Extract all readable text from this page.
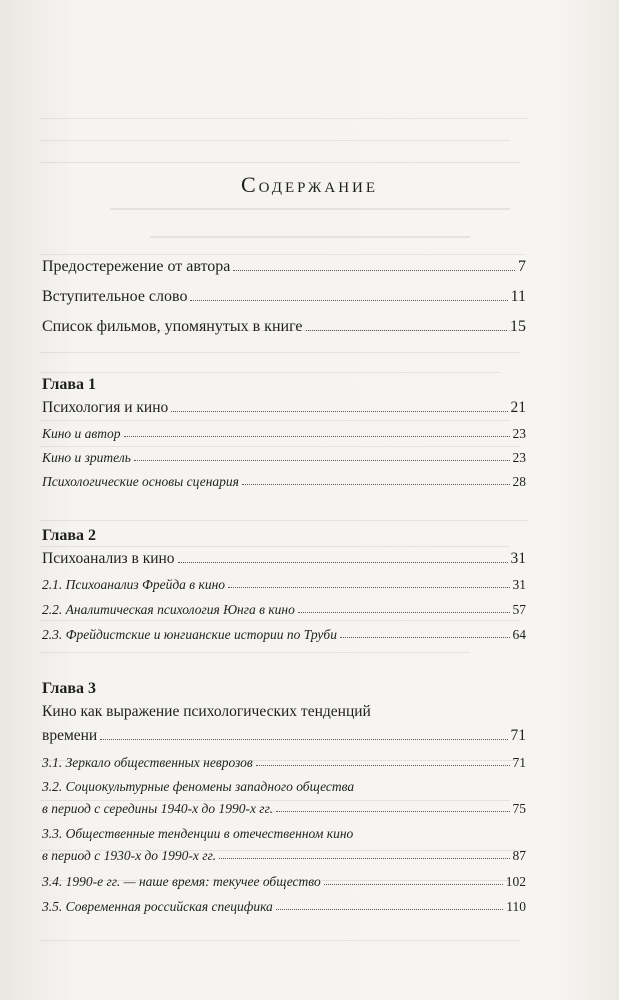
Содержание
Предостережение от автора	7
Вступительное слово	11
Список фильмов, упомянутых в книге	15
Глава 1
Психология и кино	21
Кино и автор	23
Кино и зритель	23
Психологические основы сценария	28
Глава 2
Психоанализ в кино	31
2.1. Психоанализ Фрейда в кино	31
2.2. Аналитическая психология Юнга в кино	57
2.3. Фрейдистские и юнгианские истории по Труби	64
Глава 3
Кино как выражение психологических тенденций
времени	71
3.1. Зеркало общественных неврозов	71
3.2. Социокультурные феномены западного общества
в период с середины 1940-х до 1990-х гг.	75
3.3. Общественные тенденции в отечественном кино
в период с 1930-х до 1990-х гг.	87
3.4. 1990-е гг. — наше время: текучее общество	102
3.5. Современная российская специфика	110
